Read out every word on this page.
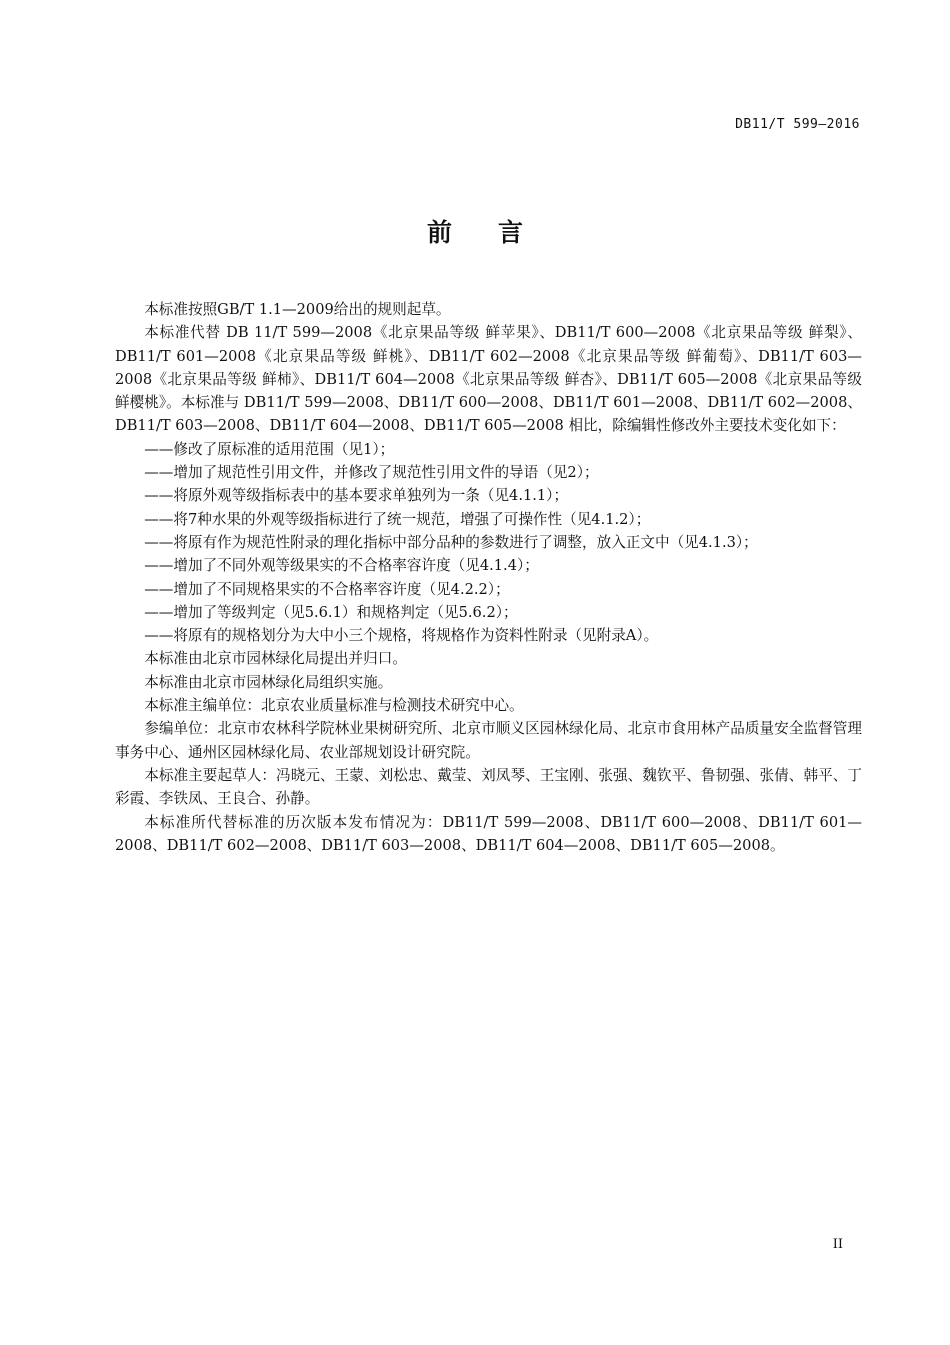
DB11/T 599—2016
前 言

本标准按照GB/T 1.1—2009给出的规则起草。

本标准代替 DB 11/T 599—2008《北京果品等级 鲜苹果》、DB11/T 600—2008《北京果品等级 鲜梨》、DB11/T 601—2008《北京果品等级 鲜桃》、DB11/T 602—2008《北京果品等级 鲜葡萄》、DB11/T 603—2008《北京果品等级 鲜柿》、DB11/T 604—2008《北京果品等级 鲜杏》、DB11/T 605—2008《北京果品等级 鲜樱桃》。本标准与 DB11/T 599—2008、DB11/T 600—2008、DB11/T 601—2008、DB11/T 602—2008、DB11/T 603—2008、DB11/T 604—2008、DB11/T 605—2008 相比，除编辑性修改外主要技术变化如下：

——修改了原标准的适用范围（见1）；

——增加了规范性引用文件，并修改了规范性引用文件的导语（见2）；

——将原外观等级指标表中的基本要求单独列为一条（见4.1.1）；

——将7种水果的外观等级指标进行了统一规范，增强了可操作性（见4.1.2）；

——将原有作为规范性附录的理化指标中部分品种的参数进行了调整，放入正文中（见4.1.3）；

——增加了不同外观等级果实的不合格率容许度（见4.1.4）；

——增加了不同规格果实的不合格率容许度（见4.2.2）；

——增加了等级判定（见5.6.1）和规格判定（见5.6.2）；

——将原有的规格划分为大中小三个规格，将规格作为资料性附录（见附录A）。

本标准由北京市园林绿化局提出并归口。

本标准由北京市园林绿化局组织实施。

本标准主编单位：北京农业质量标准与检测技术研究中心。

参编单位：北京市农林科学院林业果树研究所、北京市顺义区园林绿化局、北京市食用林产品质量安全监督管理事务中心、通州区园林绿化局、农业部规划设计研究院。

本标准主要起草人：冯晓元、王蒙、刘松忠、戴莹、刘凤琴、王宝刚、张强、魏钦平、鲁韧强、张倩、韩平、丁彩霞、李铁凤、王良合、孙静。

本标准所代替标准的历次版本发布情况为：DB11/T 599—2008、DB11/T 600—2008、DB11/T 601—2008、DB11/T 602—2008、DB11/T 603—2008、DB11/T 604—2008、DB11/T 605—2008。

II
